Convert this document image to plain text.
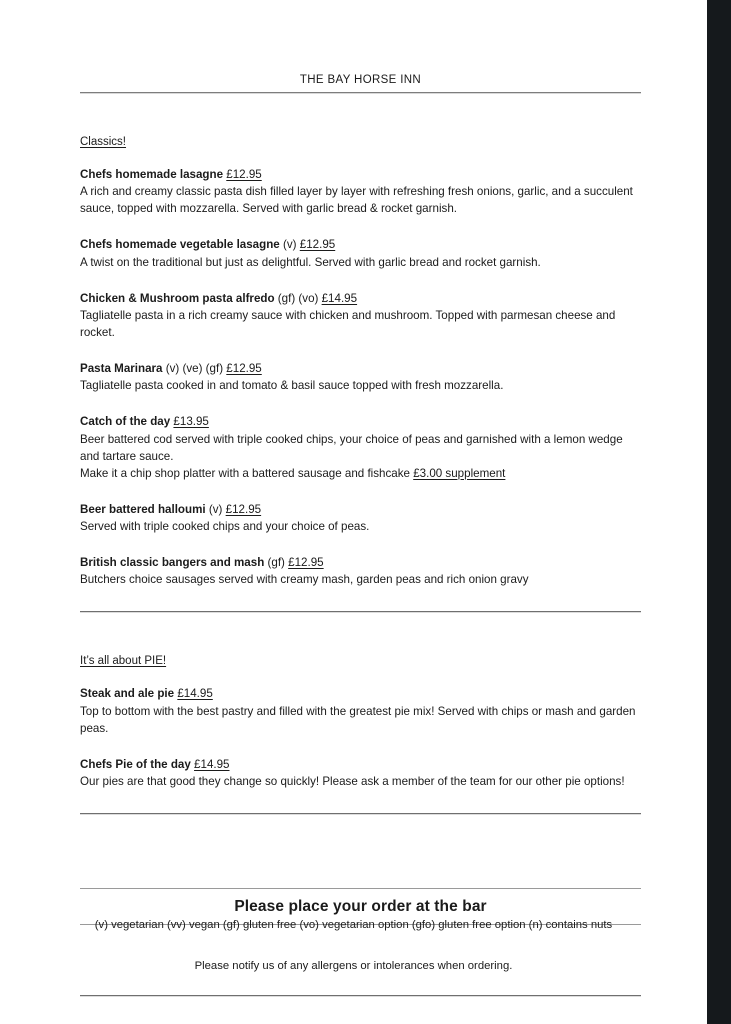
THE BAY HORSE INN
Classics!
Chefs homemade lasagne £12.95
A rich and creamy classic pasta dish filled layer by layer with refreshing fresh onions, garlic, and a succulent sauce, topped with mozzarella. Served with garlic bread & rocket garnish.
Chefs homemade vegetable lasagne (v) £12.95
A twist on the traditional but just as delightful. Served with garlic bread and rocket garnish.
Chicken & Mushroom pasta alfredo (gf) (vo) £14.95
Tagliatelle pasta in a rich creamy sauce with chicken and mushroom. Topped with parmesan cheese and rocket.
Pasta Marinara (v) (ve) (gf) £12.95
Tagliatelle pasta cooked in and tomato & basil sauce topped with fresh mozzarella.
Catch of the day £13.95
Beer battered cod served with triple cooked chips, your choice of peas and garnished with a lemon wedge and tartare sauce.
Make it a chip shop platter with a battered sausage and fishcake £3.00 supplement
Beer battered halloumi (v) £12.95
Served with triple cooked chips and your choice of peas.
British classic bangers and mash (gf) £12.95
Butchers choice sausages served with creamy mash, garden peas and rich onion gravy
It’s all about PIE!
Steak and ale pie £14.95
Top to bottom with the best pastry and filled with the greatest pie mix! Served with chips or mash and garden peas.
Chefs Pie of the day £14.95
Our pies are that good they change so quickly! Please ask a member of the team for our other pie options!
Please place your order at the bar
(v) vegetarian (vv) vegan (gf) gluten free (vo) vegetarian option (gfo) gluten free option (n) contains nuts
Please notify us of any allergens or intolerances when ordering.
